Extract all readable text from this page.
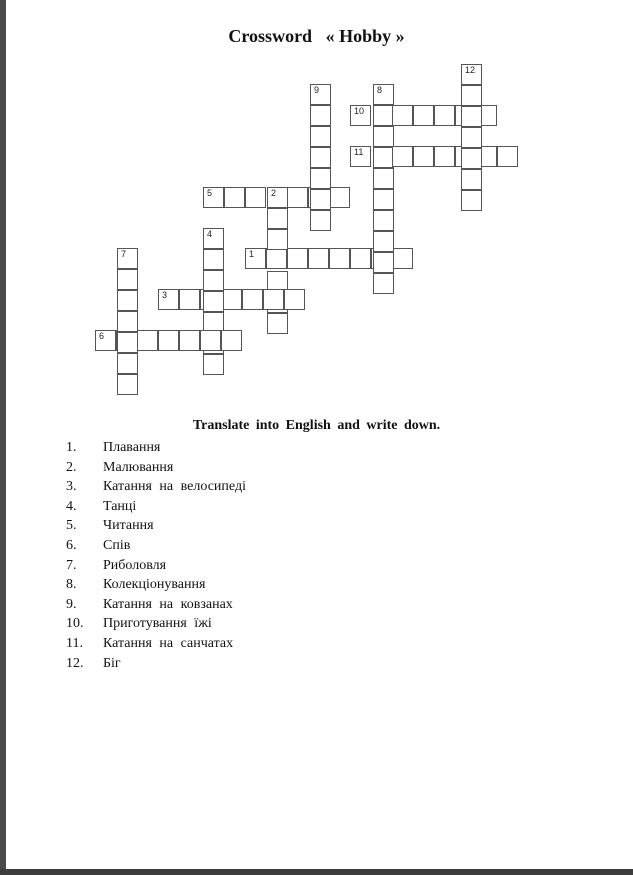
Crossword   « Hobby »
1
2
3
4
5
6
7
8
9
10
11
12
Translate into English and write down.
1. Плавання
2. Малювання
3. Катання на велосипеді
4. Танці
5. Читання
6. Спів
7. Риболовля
8. Колекціонування
9. Катання на ковзанах
10. Приготування їжі
11. Катання на санчатах
12. Біг
